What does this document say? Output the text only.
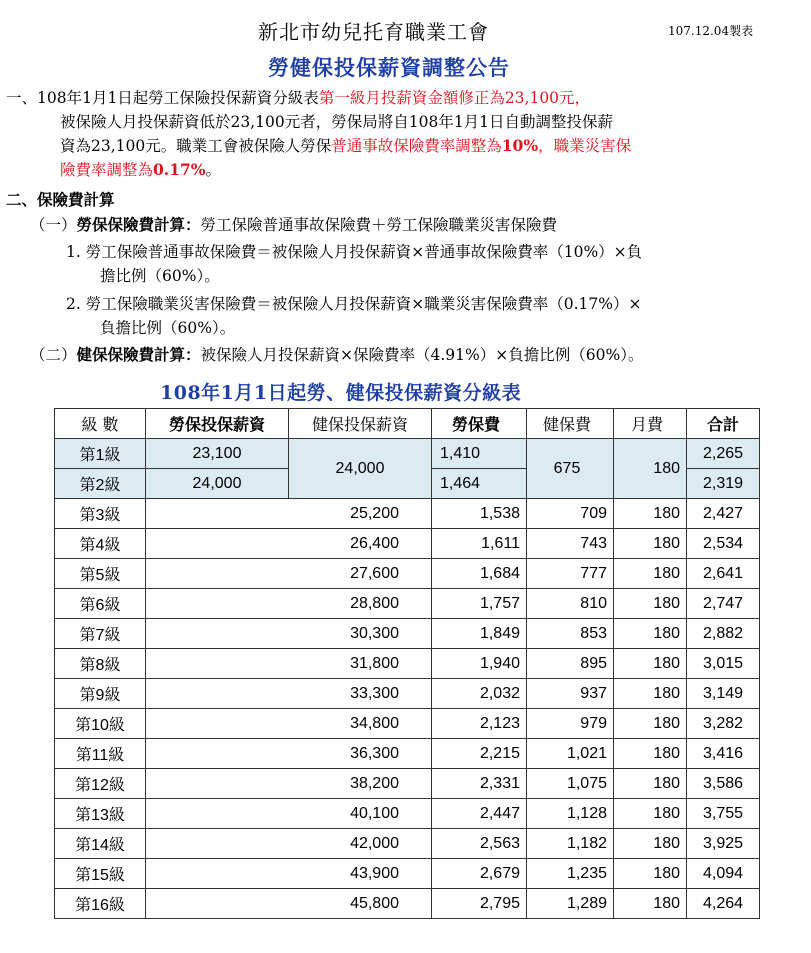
新北市幼兒托育職業工會	107.12.04製表
勞健保投保薪資調整公告
一、108年1月1日起勞工保險投保薪資分級表第一級月投薪資金額修正為23,100元，
被保險人月投保薪資低於23,100元者，勞保局將自108年1月1日自動調整投保薪
資為23,100元。職業工會被保險人勞保普通事故保險費率調整為10%，職業災害保
險費率調整為0.17%。
二、保險費計算
（一）勞保保險費計算：勞工保險普通事故保險費＋勞工保險職業災害保險費
1. 勞工保險普通事故保險費＝被保險人月投保薪資×普通事故保險費率（10%）×負
擔比例（60%）。
2. 勞工保險職業災害保險費＝被保險人月投保薪資×職業災害保險費率（0.17%）×
負擔比例（60%）。
（二）健保保險費計算：被保險人月投保薪資×保險費率（4.91%）×負擔比例（60%）。
108年1月1日起勞、健保投保薪資分級表
級 數	勞保投保薪資	健保投保薪資	勞保費	健保費	月費	合計
第1級	23,100	24,000	1,410	675	180	2,265
第2級	24,000		1,464			2,319
第3級	25,200		1,538	709	180	2,427
第4級	26,400		1,611	743	180	2,534
第5級	27,600		1,684	777	180	2,641
第6級	28,800		1,757	810	180	2,747
第7級	30,300		1,849	853	180	2,882
第8級	31,800		1,940	895	180	3,015
第9級	33,300		2,032	937	180	3,149
第10級	34,800		2,123	979	180	3,282
第11級	36,300		2,215	1,021	180	3,416
第12級	38,200		2,331	1,075	180	3,586
第13級	40,100		2,447	1,128	180	3,755
第14級	42,000		2,563	1,182	180	3,925
第15級	43,900		2,679	1,235	180	4,094
第16級	45,800		2,795	1,289	180	4,264
